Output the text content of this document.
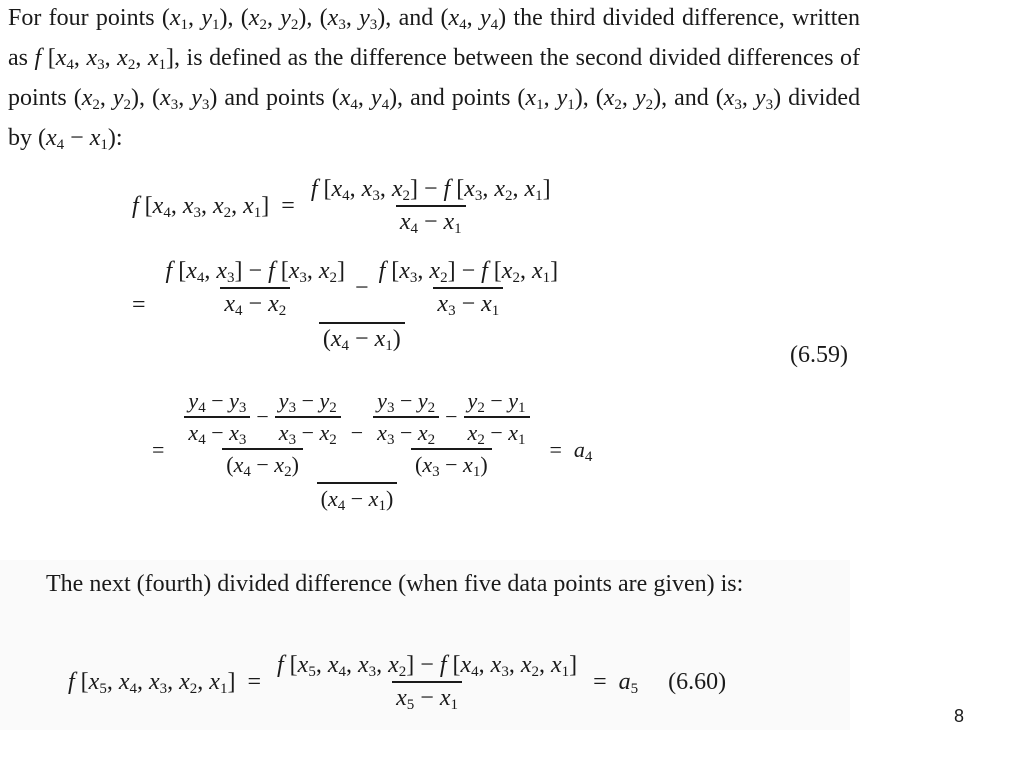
For four points ($x_1$, $y_1$), ($x_2$, $y_2$), ($x_3$, $y_3$), and ($x_4$, $y_4$) the third divided difference, written as f [$x_4$, $x_3$, $x_2$, $x_1$], is defined as the difference between the second divided differences of points ($x_2$, $y_2$), ($x_3$, $y_3$) and points ($x_4$, $y_4$), and points ($x_1$, $y_1$), ($x_2$, $y_2$), and ($x_3$, $y_3$) divided by $(x_4 - x_1)$:
f [$x_4$, $x_3$, $x_2$, $x_1] = \frac{f [x_4, x_3, x_2] - f [x_3, x_2, x_1]}{x_4 - x_1}$
= $\frac{f [x_4, x_3] - f [x_3, x_2]}{x_4 - x_2} - \frac{f [x_3, x_2] - f [x_2, x_1]}{x_3 - x_1}$
$(x_4 - x_1)$
(6.59)
= $\frac{\frac{y_4 - y_3}{x_4 - x_3} - \frac{y_3 - y_2}{x_3 - x_2}}{(x_4 - x_2)} - \frac{\frac{y_3 - y_2}{x_3 - x_2} - \frac{y_2 - y_1}{x_2 - x_1}}{(x_3 - x_1)}$
$(x_4 - x_1)$
= $a_4$
The next (fourth) divided difference (when five data points are given) is:
f [$x_5$, $x_4$, $x_3$, $x_2$, $x_1] = \frac{f [x_5, x_4, x_3, x_2] - f [x_4, x_3, x_2, x_1]}{x_5 - x_1} = a_5$	(6.60)
8
